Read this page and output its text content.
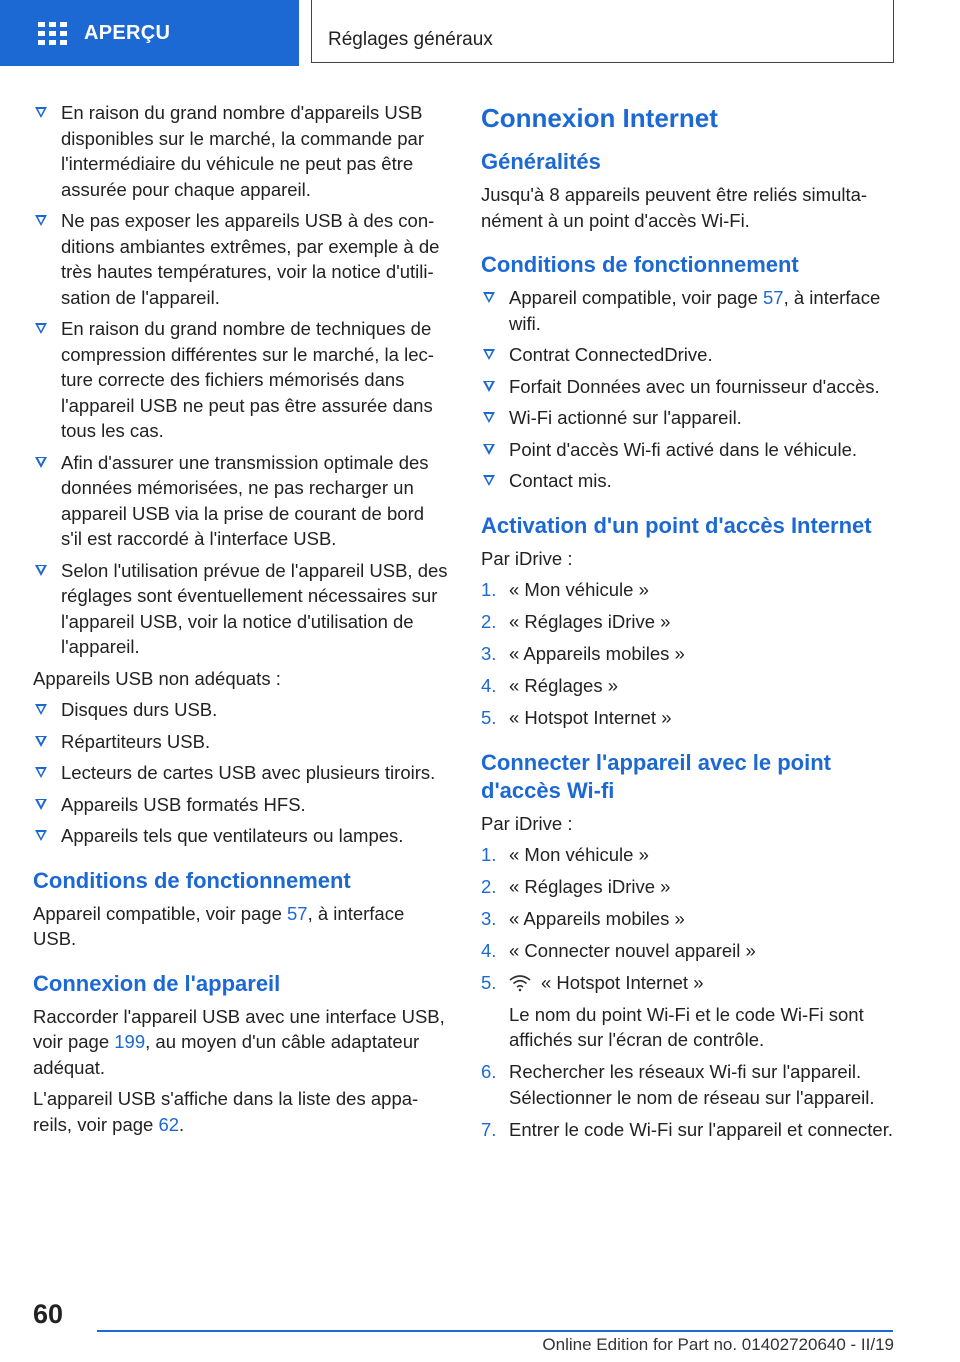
APERÇU	Réglages généraux
En raison du grand nombre d'appareils USB disponibles sur le marché, la commande par l'intermédiaire du véhicule ne peut pas être assurée pour chaque appareil.
Ne pas exposer les appareils USB à des conditions ambiantes extrêmes, par exemple à de très hautes températures, voir la notice d'utilisation de l'appareil.
En raison du grand nombre de techniques de compression différentes sur le marché, la lecture correcte des fichiers mémorisés dans l'appareil USB ne peut pas être assurée dans tous les cas.
Afin d'assurer une transmission optimale des données mémorisées, ne pas recharger un appareil USB via la prise de courant de bord s'il est raccordé à l'interface USB.
Selon l'utilisation prévue de l'appareil USB, des réglages sont éventuellement nécessaires sur l'appareil USB, voir la notice d'utilisation de l'appareil.

Appareils USB non adéquats :

Disques durs USB.
Répartiteurs USB.
Lecteurs de cartes USB avec plusieurs tiroirs.
Appareils USB formatés HFS.
Appareils tels que ventilateurs ou lampes.
Conditions de fonctionnement

Appareil compatible, voir page 57, à interface USB.

Connexion de l'appareil

Raccorder l'appareil USB avec une interface USB, voir page 199, au moyen d'un câble adaptateur adéquat.

L'appareil USB s'affiche dans la liste des appareils, voir page 62.

Connexion Internet
Généralités

Jusqu'à 8 appareils peuvent être reliés simultanément à un point d'accès Wi-Fi.

Conditions de fonctionnement
Appareil compatible, voir page 57, à interface wifi.
Contrat ConnectedDrive.
Forfait Données avec un fournisseur d'accès.
Wi-Fi actionné sur l'appareil.
Point d'accès Wi-fi activé dans le véhicule.
Contact mis.
Activation d'un point d'accès Internet

Par iDrive :

1. « Mon véhicule »
2. « Réglages iDrive »
3. « Appareils mobiles »
4. « Réglages »
5. « Hotspot Internet »
Connecter l'appareil avec le point d'accès Wi-fi

Par iDrive :

1. « Mon véhicule »
2. « Réglages iDrive »
3. « Appareils mobiles »
4. « Connecter nouvel appareil »
5. « Hotspot Internet »
Le nom du point Wi-Fi et le code Wi-Fi sont affichés sur l'écran de contrôle.
6. Rechercher les réseaux Wi-fi sur l'appareil. Sélectionner le nom de réseau sur l'appareil.
7. Entrer le code Wi-Fi sur l'appareil et connecter.
60
Online Edition for Part no. 01402720640 - II/19
